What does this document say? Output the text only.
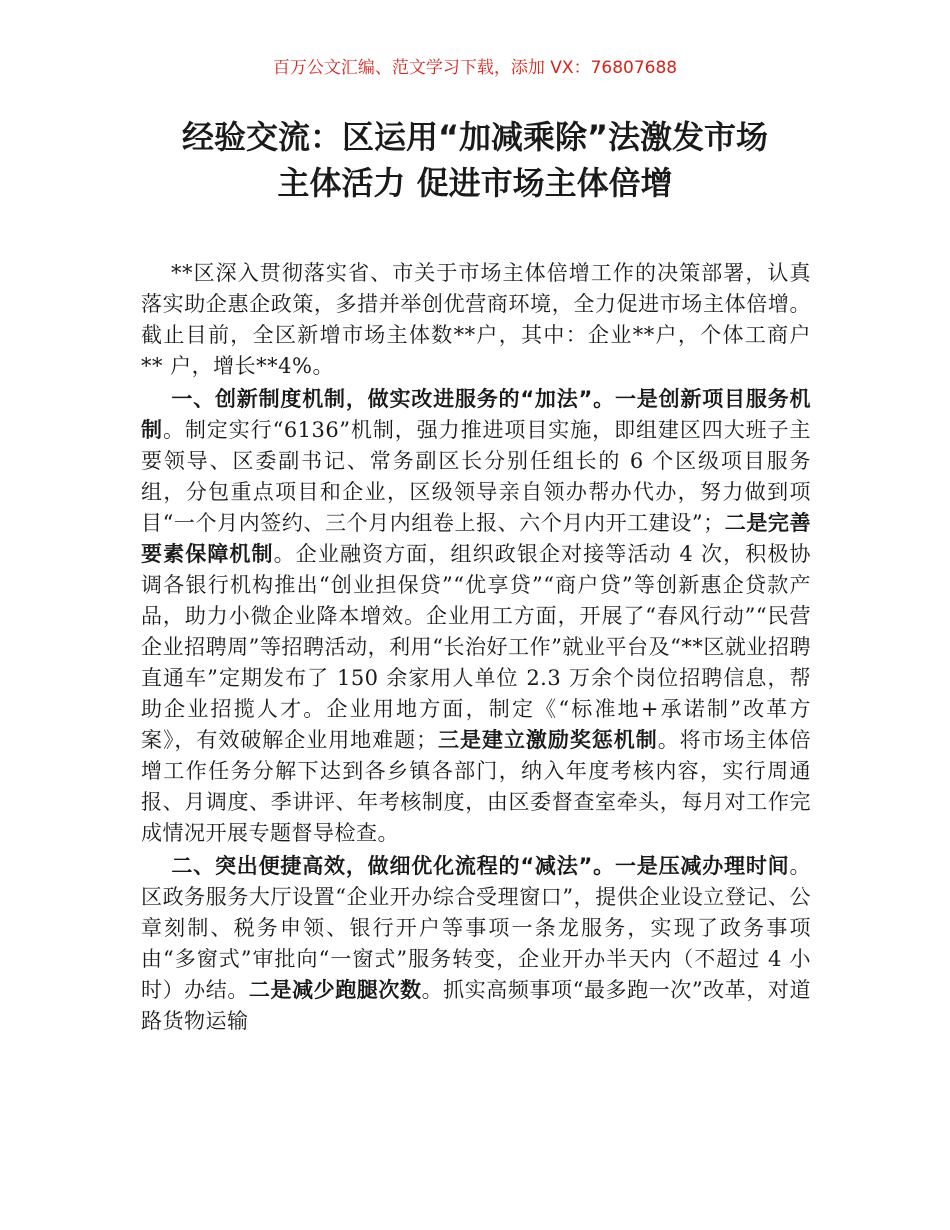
百万公文汇编、范文学习下载，添加 VX：76807688
经验交流：区运用“加减乘除”法激发市场
主体活力 促进市场主体倍增

**区深入贯彻落实省、市关于市场主体倍增工作的决策部署，认真落实助企惠企政策，多措并举创优营商环境，全力促进市场主体倍增。截止目前，全区新增市场主体数**户，其中：企业**户，个体工商户 ** 户，增长**4%。

一、创新制度机制，做实改进服务的“加法”。一是创新项目服务机制。制定实行“6136”机制，强力推进项目实施，即组建区四大班子主要领导、区委副书记、常务副区长分别任组长的 6 个区级项目服务组，分包重点项目和企业，区级领导亲自领办帮办代办，努力做到项目“一个月内签约、三个月内组卷上报、六个月内开工建设”；二是完善要素保障机制。企业融资方面，组织政银企对接等活动 4 次，积极协调各银行机构推出“创业担保贷”“优享贷”“商户贷”等创新惠企贷款产品，助力小微企业降本增效。企业用工方面，开展了“春风行动”“民营企业招聘周”等招聘活动，利用“长治好工作”就业平台及“**区就业招聘直通车”定期发布了 150 余家用人单位 2.3 万余个岗位招聘信息，帮助企业招揽人才。企业用地方面，制定《“标准地+承诺制”改革方案》，有效破解企业用地难题；三是建立激励奖惩机制。将市场主体倍增工作任务分解下达到各乡镇各部门，纳入年度考核内容，实行周通报、月调度、季讲评、年考核制度，由区委督查室牵头，每月对工作完成情况开展专题督导检查。

二、突出便捷高效，做细优化流程的“减法”。一是压减办理时间。区政务服务大厅设置“企业开办综合受理窗口”，提供企业设立登记、公章刻制、税务申领、银行开户等事项一条龙服务，实现了政务事项由“多窗式”审批向“一窗式”服务转变，企业开办半天内（不超过 4 小时）办结。二是减少跑腿次数。抓实高频事项“最多跑一次”改革，对道路货物运输
